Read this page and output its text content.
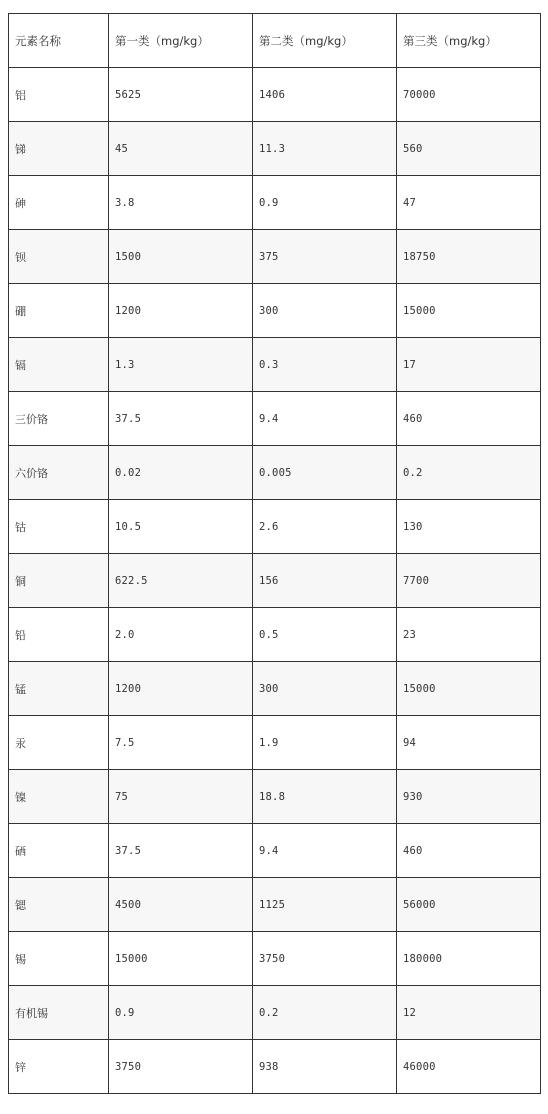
元素名称	第一类（mg/kg）	第二类（mg/kg）	第三类（mg/kg）
铝	5625	1406	70000
锑	45	11.3	560
砷	3.8	0.9	47
钡	1500	375	18750
硼	1200	300	15000
镉	1.3	0.3	17
三价铬	37.5	9.4	460
六价铬	0.02	0.005	0.2
钴	10.5	2.6	130
铜	622.5	156	7700
铅	2.0	0.5	23
锰	1200	300	15000
汞	7.5	1.9	94
镍	75	18.8	930
硒	37.5	9.4	460
锶	4500	1125	56000
锡	15000	3750	180000
有机锡	0.9	0.2	12
锌	3750	938	46000
